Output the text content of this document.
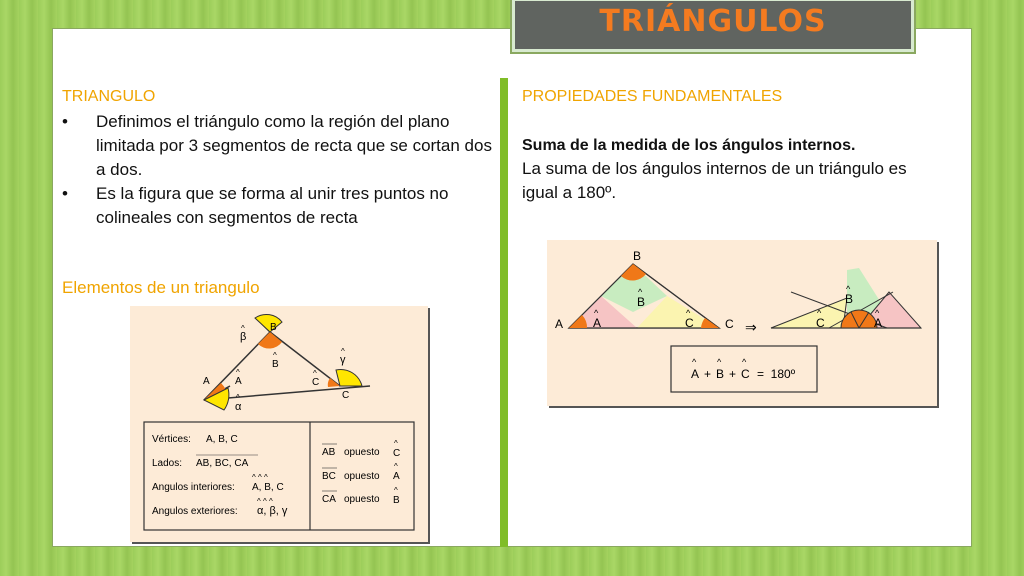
TRIÁNGULOS
TRIANGULO
• Definimos el triángulo como la región del plano limitada por 3 segmentos de recta que se cortan dos a dos.
• Es la figura que se forma al unir tres puntos no colineales con segmentos de recta
Elementos de un triangulo
B
A
C
^
β
^
γ
^
α
^
B
^
A
^
C
Vértices: A, B, C
Lados: AB, BC, CA
Angulos interiores:
^ ^ ^
A, B, C
Angulos exteriores:
^ ^ ^
α, β, γ
AB opuesto
^
C
BC opuesto
^
A
CA opuesto
^
B
PROPIEDADES FUNDAMENTALES
Suma de la medida de los ángulos internos.
La suma de los ángulos internos de un triángulo es igual a 180º.
B
A	C
^
B
^
A
^
C	⇒
^
B
^
C
^
A
^
A +
^
B +
^
C =  180º
